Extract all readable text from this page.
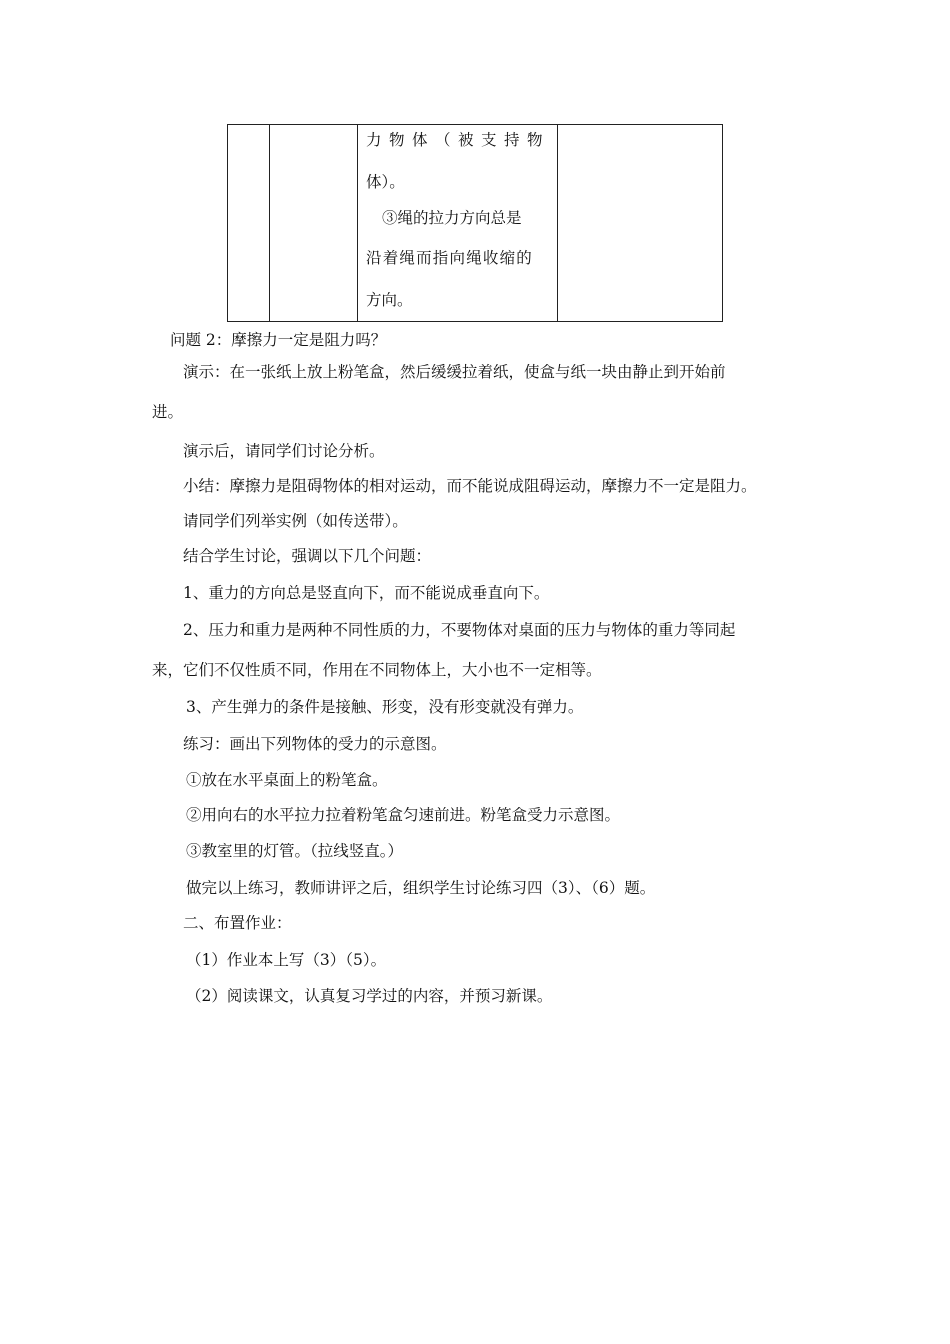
力物体（被支持物
体）。
③绳的拉力方向总是
沿着绳而指向绳收缩的
方向。
问题 2：摩擦力一定是阻力吗？
演示：在一张纸上放上粉笔盒，然后缓缓拉着纸，使盒与纸一块由静止到开始前
进。
演示后，请同学们讨论分析。
小结：摩擦力是阻碍物体的相对运动，而不能说成阻碍运动，摩擦力不一定是阻力。
请同学们列举实例（如传送带）。
结合学生讨论，强调以下几个问题：
1、重力的方向总是竖直向下，而不能说成垂直向下。
2、压力和重力是两种不同性质的力，不要物体对桌面的压力与物体的重力等同起
来，它们不仅性质不同，作用在不同物体上，大小也不一定相等。
3、产生弹力的条件是接触、形变，没有形变就没有弹力。
练习：画出下列物体的受力的示意图。
①放在水平桌面上的粉笔盒。
②用向右的水平拉力拉着粉笔盒匀速前进。粉笔盒受力示意图。
③教室里的灯管。（拉线竖直。）
做完以上练习，教师讲评之后，组织学生讨论练习四（3）、（6）题。
二、布置作业：
（1）作业本上写（3）（5）。
（2）阅读课文，认真复习学过的内容，并预习新课。
